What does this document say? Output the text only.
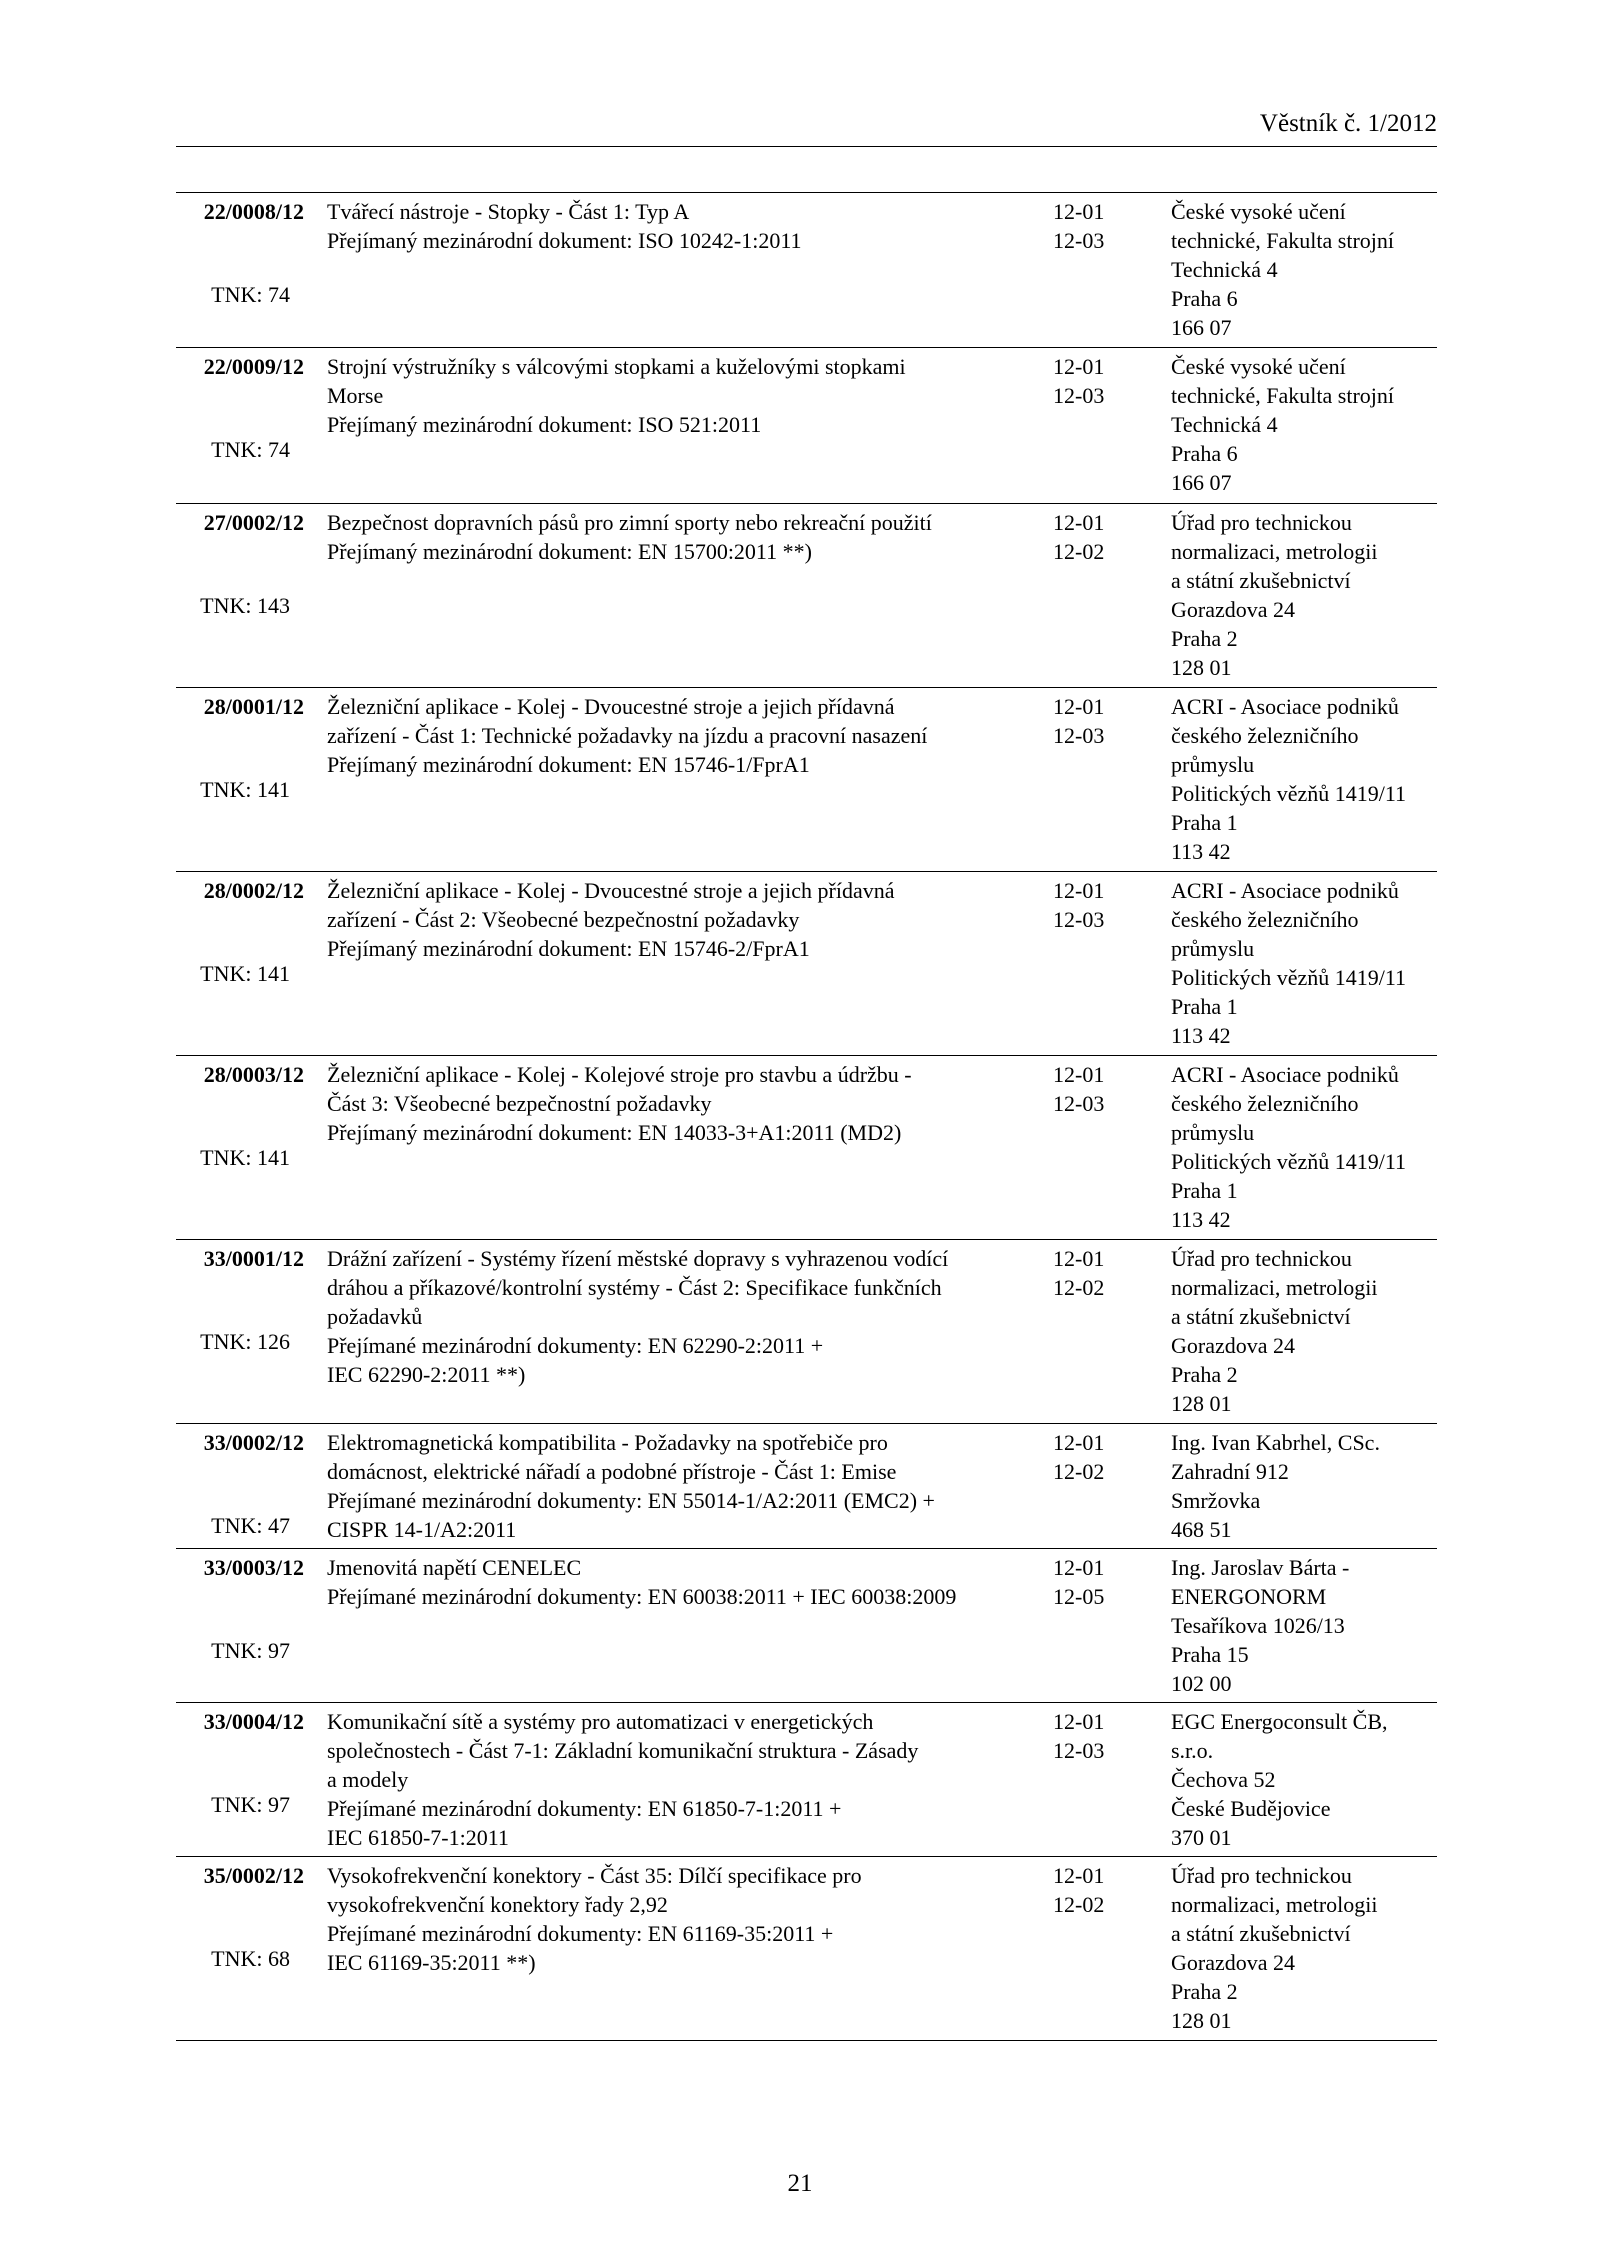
Věstník č. 1/2012
22/0008/12
TNK: 74
Tvářecí nástroje - Stopky - Část 1: Typ A
Přejímaný mezinárodní dokument: ISO 10242-1:2011
12-01
12-03
České vysoké učení
technické, Fakulta strojní
Technická 4
Praha 6
166 07
22/0009/12
TNK: 74
Strojní výstružníky s válcovými stopkami a kuželovými stopkami
Morse
Přejímaný mezinárodní dokument: ISO 521:2011
12-01
12-03
České vysoké učení
technické, Fakulta strojní
Technická 4
Praha 6
166 07
27/0002/12
TNK: 143
Bezpečnost dopravních pásů pro zimní sporty nebo rekreační použití
Přejímaný mezinárodní dokument: EN 15700:2011 **)
12-01
12-02
Úřad pro technickou
normalizaci, metrologii
a státní zkušebnictví
Gorazdova 24
Praha 2
128 01
28/0001/12
TNK: 141
Železniční aplikace - Kolej - Dvoucestné stroje a jejich přídavná
zařízení - Část 1: Technické požadavky na jízdu a pracovní nasazení
Přejímaný mezinárodní dokument: EN 15746-1/FprA1
12-01
12-03
ACRI - Asociace podniků
českého železničního
průmyslu
Politických vězňů 1419/11
Praha 1
113 42
28/0002/12
TNK: 141
Železniční aplikace - Kolej - Dvoucestné stroje a jejich přídavná
zařízení - Část 2: Všeobecné bezpečnostní požadavky
Přejímaný mezinárodní dokument: EN 15746-2/FprA1
12-01
12-03
ACRI - Asociace podniků
českého železničního
průmyslu
Politických vězňů 1419/11
Praha 1
113 42
28/0003/12
TNK: 141
Železniční aplikace - Kolej - Kolejové stroje pro stavbu a údržbu -
Část 3: Všeobecné bezpečnostní požadavky
Přejímaný mezinárodní dokument: EN 14033-3+A1:2011 (MD2)
12-01
12-03
ACRI - Asociace podniků
českého železničního
průmyslu
Politických vězňů 1419/11
Praha 1
113 42
33/0001/12
TNK: 126
Drážní zařízení - Systémy řízení městské dopravy s vyhrazenou vodící
dráhou a příkazové/kontrolní systémy - Část 2: Specifikace funkčních
požadavků
Přejímané mezinárodní dokumenty: EN 62290-2:2011 +
IEC 62290-2:2011 **)
12-01
12-02
Úřad pro technickou
normalizaci, metrologii
a státní zkušebnictví
Gorazdova 24
Praha 2
128 01
33/0002/12
TNK: 47
Elektromagnetická kompatibilita - Požadavky na spotřebiče pro
domácnost, elektrické nářadí a podobné přístroje - Část 1: Emise
Přejímané mezinárodní dokumenty: EN 55014-1/A2:2011 (EMC2) +
CISPR 14-1/A2:2011
12-01
12-02
Ing. Ivan Kabrhel, CSc.
Zahradní 912
Smržovka
468 51
33/0003/12
TNK: 97
Jmenovitá napětí CENELEC
Přejímané mezinárodní dokumenty: EN 60038:2011 + IEC 60038:2009
12-01
12-05
Ing. Jaroslav Bárta -
ENERGONORM
Tesaříkova 1026/13
Praha 15
102 00
33/0004/12
TNK: 97
Komunikační sítě a systémy pro automatizaci v energetických
společnostech - Část 7-1: Základní komunikační struktura - Zásady
a modely
Přejímané mezinárodní dokumenty: EN 61850-7-1:2011 +
IEC 61850-7-1:2011
12-01
12-03
EGC Energoconsult ČB,
s.r.o.
Čechova 52
České Budějovice
370 01
35/0002/12
TNK: 68
Vysokofrekvenční konektory - Část 35: Dílčí specifikace pro
vysokofrekvenční konektory řady 2,92
Přejímané mezinárodní dokumenty: EN 61169-35:2011 +
IEC 61169-35:2011 **)
12-01
12-02
Úřad pro technickou
normalizaci, metrologii
a státní zkušebnictví
Gorazdova 24
Praha 2
128 01
21
